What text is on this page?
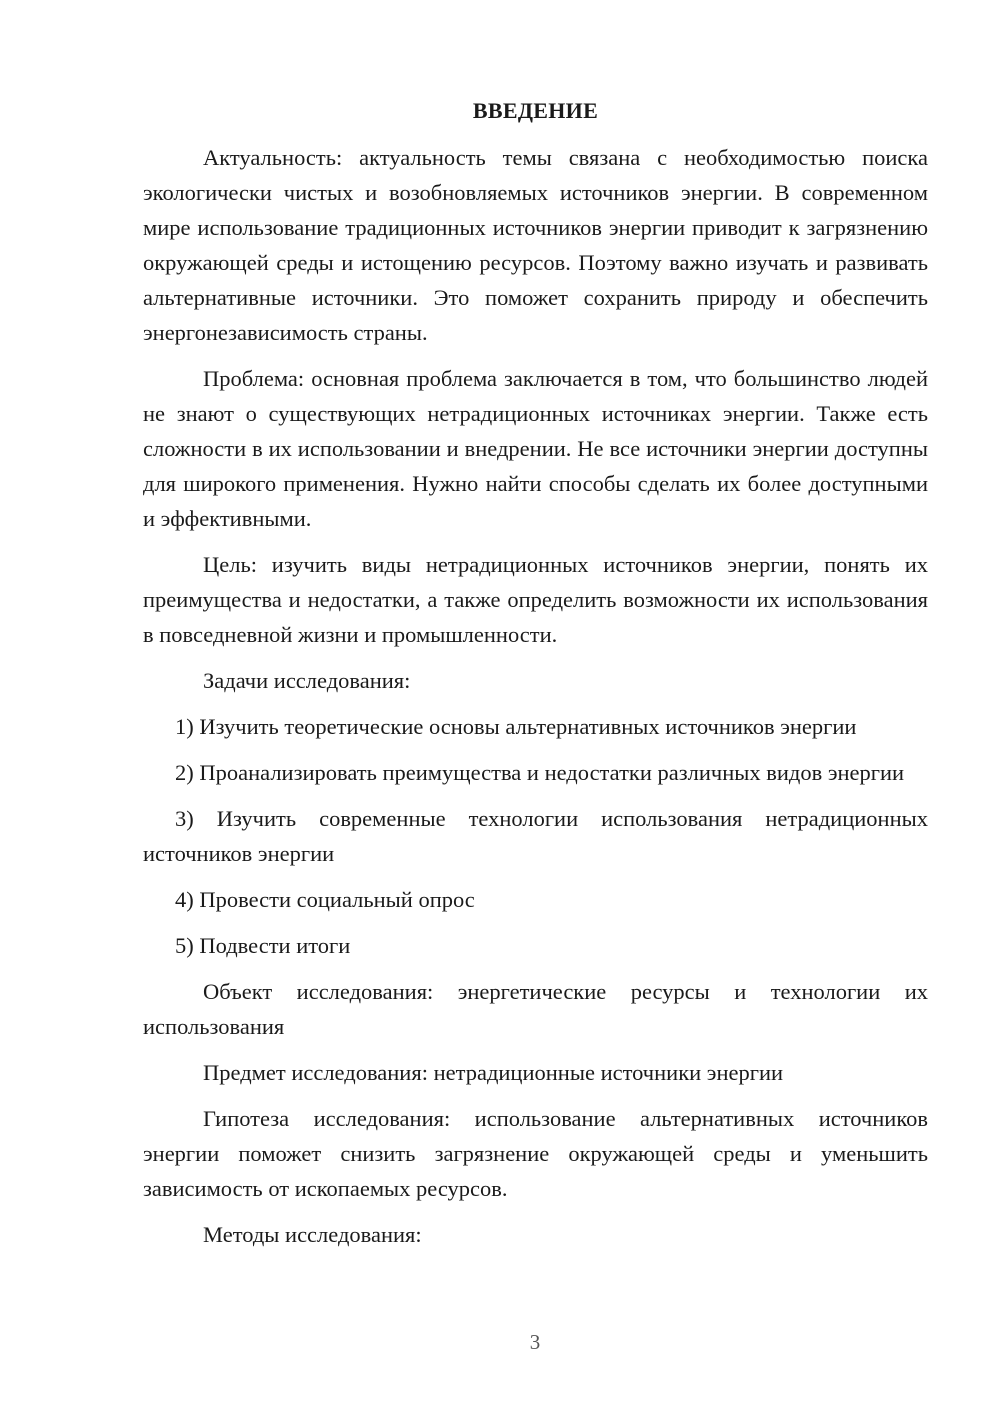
ВВЕДЕНИЕ

Актуальность: актуальность темы связана с необходимостью поиска экологически чистых и возобновляемых источников энергии. В современном мире использование традиционных источников энергии приводит к загрязнению окружающей среды и истощению ресурсов. Поэтому важно изучать и развивать альтернативные источники. Это поможет сохранить природу и обеспечить энергонезависимость страны.

Проблема: основная проблема заключается в том, что большинство людей не знают о существующих нетрадиционных источниках энергии. Также есть сложности в их использовании и внедрении. Не все источники энергии доступны для широкого применения. Нужно найти способы сделать их более доступными и эффективными.

Цель: изучить виды нетрадиционных источников энергии, понять их преимущества и недостатки, а также определить возможности их использования в повседневной жизни и промышленности.

Задачи исследования:

1) Изучить теоретические основы альтернативных источников энергии

2) Проанализировать преимущества и недостатки различных видов энергии

3) Изучить современные технологии использования нетрадиционных источников энергии

4) Провести социальный опрос

5) Подвести итоги

Объект исследования: энергетические ресурсы и технологии их использования

Предмет исследования: нетрадиционные источники энергии

Гипотеза исследования: использование альтернативных источников энергии поможет снизить загрязнение окружающей среды и уменьшить зависимость от ископаемых ресурсов.

Методы исследования:

3
